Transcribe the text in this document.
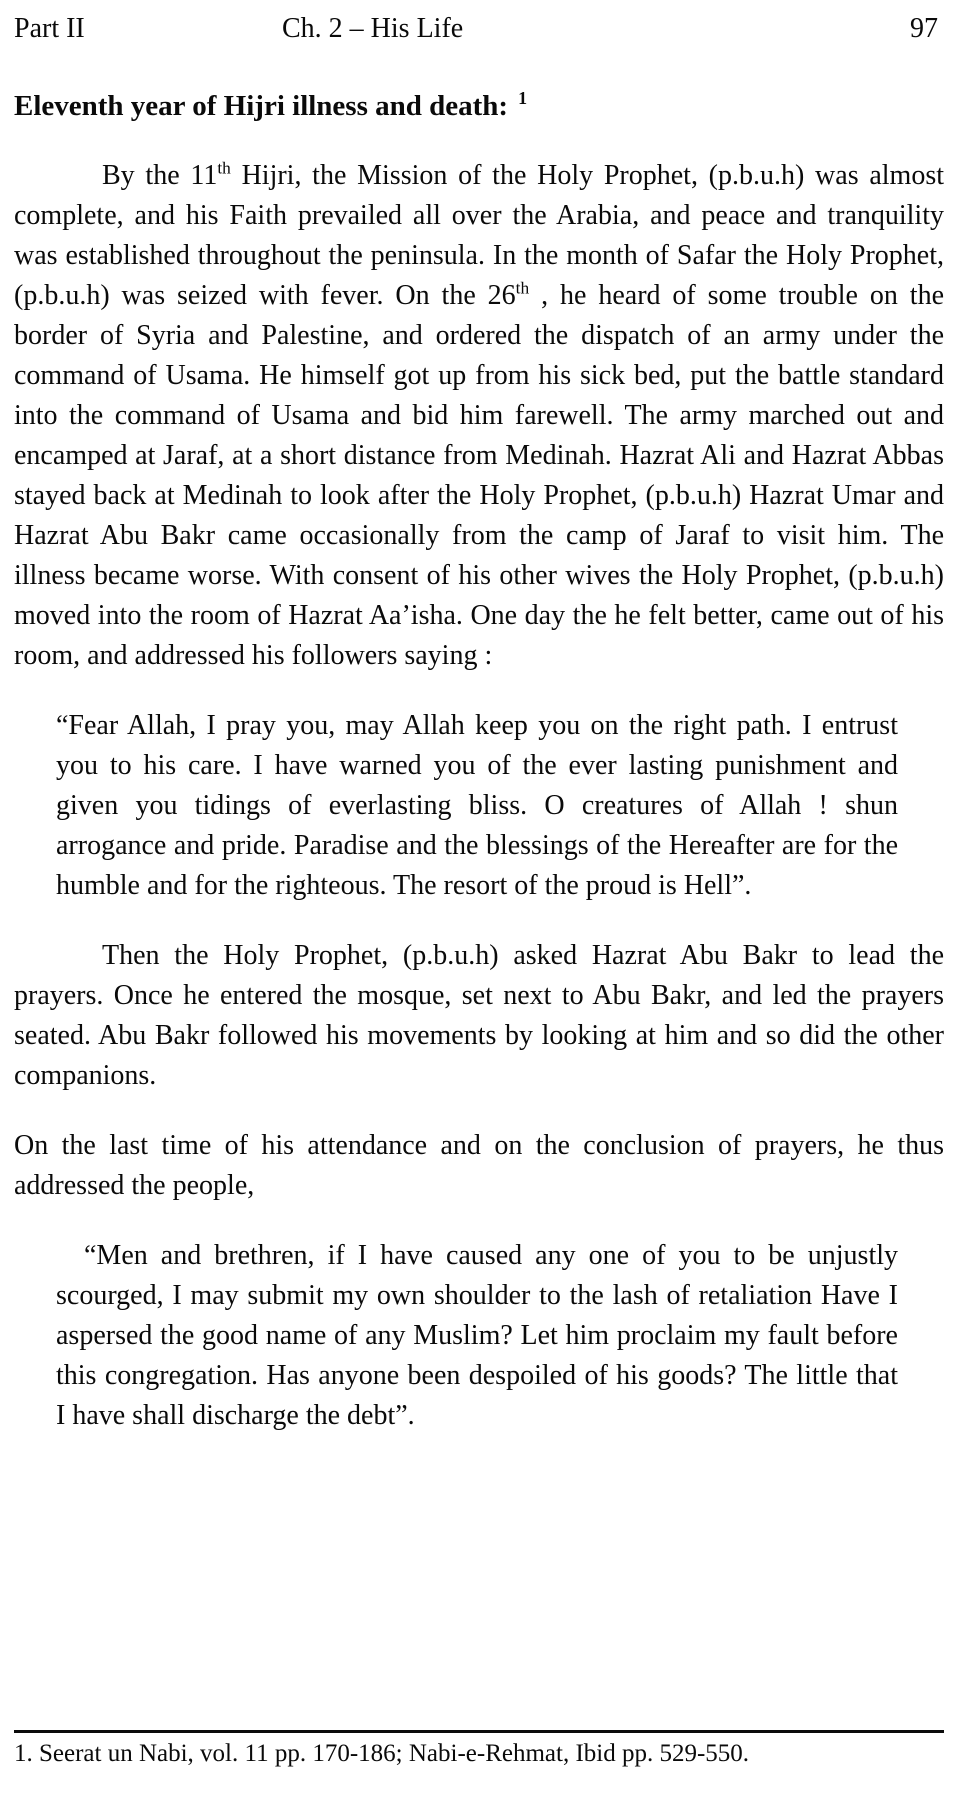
Part II	Ch. 2 – His Life	97
Eleventh year of Hijri illness and death: $^1$

By the 11th Hijri, the Mission of the Holy Prophet, (p.b.u.h) was almost complete, and his Faith prevailed all over the Arabia, and peace and tranquility was established throughout the peninsula. In the month of Safar the Holy Prophet, (p.b.u.h) was seized with fever. On the 26th , he heard of some trouble on the border of Syria and Palestine, and ordered the dispatch of an army under the command of Usama. He himself got up from his sick bed, put the battle standard into the command of Usama and bid him farewell. The army marched out and encamped at Jaraf, at a short distance from Medinah. Hazrat Ali and Hazrat Abbas stayed back at Medinah to look after the Holy Prophet, (p.b.u.h) Hazrat Umar and Hazrat Abu Bakr came occasionally from the camp of Jaraf to visit him. The illness became worse. With consent of his other wives the Holy Prophet, (p.b.u.h) moved into the room of Hazrat Aa’isha. One day the he felt better, came out of his room, and addressed his followers saying :

“Fear Allah, I pray you, may Allah keep you on the right path. I entrust you to his care. I have warned you of the ever lasting punishment and given you tidings of everlasting bliss. O creatures of Allah ! shun arrogance and pride. Paradise and the blessings of the Hereafter are for the humble and for the righteous. The resort of the proud is Hell”.

Then the Holy Prophet, (p.b.u.h) asked Hazrat Abu Bakr to lead the prayers. Once he entered the mosque, set next to Abu Bakr, and led the prayers seated. Abu Bakr followed his movements by looking at him and so did the other companions.

On the last time of his attendance and on the conclusion of prayers, he thus addressed the people,

“Men and brethren, if I have caused any one of you to be unjustly scourged, I may submit my own shoulder to the lash of retaliation Have I aspersed the good name of any Muslim? Let him proclaim my fault before this congregation. Has anyone been despoiled of his goods? The little that I have shall discharge the debt”.

1. Seerat un Nabi, vol. 11 pp. 170-186; Nabi-e-Rehmat, Ibid pp. 529-550.
